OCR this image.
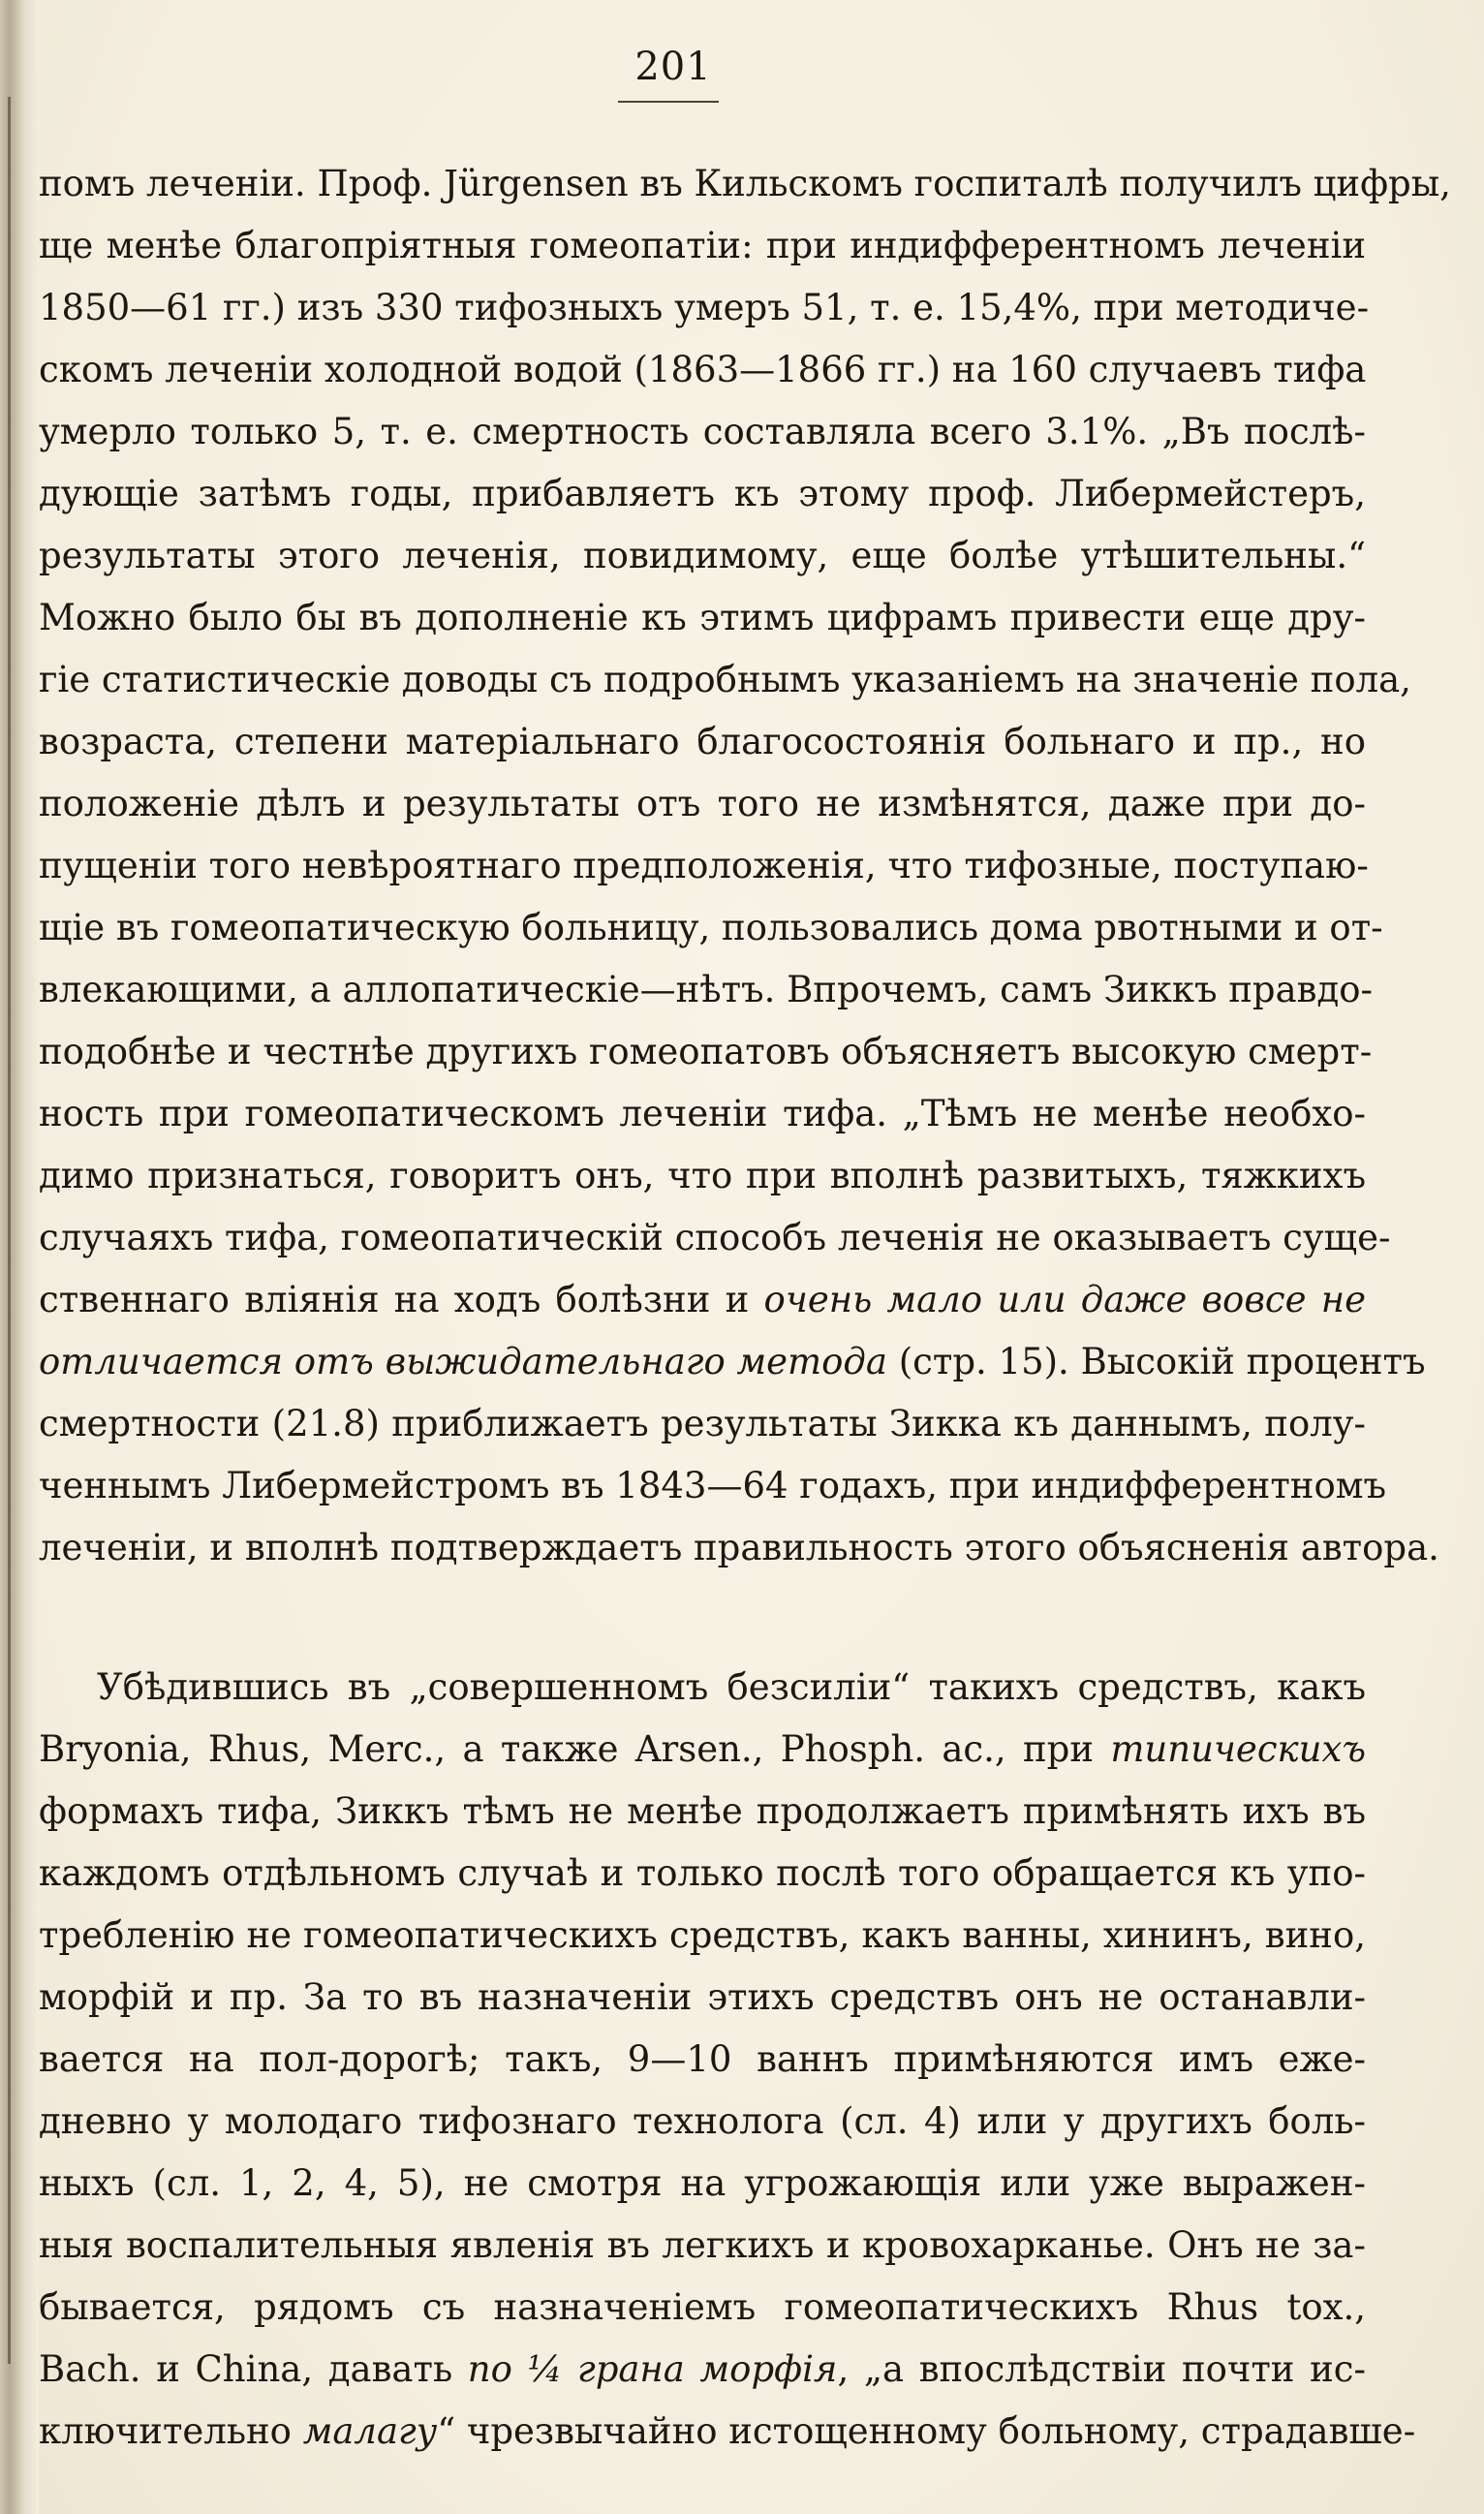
201
помъ леченіи. Проф. Jürgensen въ Кильскомъ госпиталѣ получилъ цифры,
ще менѣе благопріятныя гомеопатіи: при индифферентномъ леченіи
1850—61 гг.) изъ 330 тифозныхъ умеръ 51, т. е. 15,4%, при методиче-
скомъ леченіи холодной водой (1863—1866 гг.) на 160 случаевъ тифа
умерло только 5, т. е. смертность составляла всего 3.1%. „Въ послѣ-
дующіе затѣмъ годы, прибавляетъ къ этому проф. Либермейстеръ,
результаты этого леченія, повидимому, еще болѣе утѣшительны.“
Можно было бы въ дополненіе къ этимъ цифрамъ привести еще дру-
гіе статистическіе доводы съ подробнымъ указаніемъ на значеніе пола,
возраста, степени матеріальнаго благосостоянія больнаго и пр., но
положеніе дѣлъ и результаты отъ того не измѣнятся, даже при до-
пущеніи того невѣроятнаго предположенія, что тифозные, поступаю-
щіе въ гомеопатическую больницу, пользовались дома рвотными и от-
влекающими, а аллопатическіе—нѣтъ. Впрочемъ, самъ Зиккъ правдо-
подобнѣе и честнѣе другихъ гомеопатовъ объясняетъ высокую смерт-
ность при гомеопатическомъ леченіи тифа. „Тѣмъ не менѣе необхо-
димо признаться, говоритъ онъ, что при вполнѣ развитыхъ, тяжкихъ
случаяхъ тифа, гомеопатическій способъ леченія не оказываетъ суще-
ственнаго вліянія на ходъ болѣзни и очень мало или даже вовсе не
отличается отъ выжидательнаго метода (стр. 15). Высокій процентъ
смертности (21.8) приближаетъ результаты Зикка къ даннымъ, полу-
ченнымъ Либермейстромъ въ 1843—64 годахъ, при индифферентномъ
леченіи, и вполнѣ подтверждаетъ правильность этого объясненія автора.
Убѣдившись въ „совершенномъ безсиліи“ такихъ средствъ, какъ
Bryonia, Rhus, Merc., а также Arsen., Phosph. ac., при типическихъ
формахъ тифа, Зиккъ тѣмъ не менѣе продолжаетъ примѣнять ихъ въ
каждомъ отдѣльномъ случаѣ и только послѣ того обращается къ упо-
требленію не гомеопатическихъ средствъ, какъ ванны, хининъ, вино,
морфій и пр. За то въ назначеніи этихъ средствъ онъ не останавли-
вается на пол-дорогѣ; такъ, 9—10 ваннъ примѣняются имъ еже-
дневно у молодаго тифознаго технолога (сл. 4) или у другихъ боль-
ныхъ (сл. 1, 2, 4, 5), не смотря на угрожающія или уже выражен-
ныя воспалительныя явленія въ легкихъ и кровохарканье. Онъ не за-
бывается, рядомъ съ назначеніемъ гомеопатическихъ Rhus tox.,
Bach. и China, давать по ¼ грана морфія, „а впослѣдствіи почти ис-
ключительно малагу“ чрезвычайно истощенному больному, страдавше-
